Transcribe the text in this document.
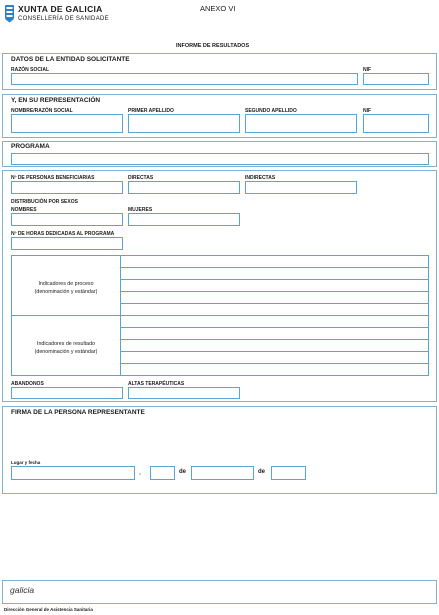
XUNTA DE GALICIA
CONSELLERÍA DE SANIDADE
ANEXO VI
INFORME DE RESULTADOS
DATOS DE LA ENTIDAD SOLICITANTE
RAZÓN SOCIAL	NIF
Y, EN SU REPRESENTACIÓN
NOMBRE/RAZÓN SOCIAL	PRIMER APELLIDO	SEGUNDO APELLIDO	NIF
PROGRAMA
Nº DE PERSONAS BENEFICIARIAS	DIRECTAS	INDIRECTAS
DISTRIBUCIÓN POR SEXOS
NOMBRES	MUJERES
Nº DE HORAS DEDICADAS AL PROGRAMA
Indicadores de proceso
(denominación y estándar)
Indicadores de resultado
(denominación y estándar)
ABANDONOS	ALTAS TERAPÉUTICAS
FIRMA DE LA PERSONA REPRESENTANTE
Lugar y fecha
,	de	de
galicia
Dirección General de Asistencia Sanitaria
